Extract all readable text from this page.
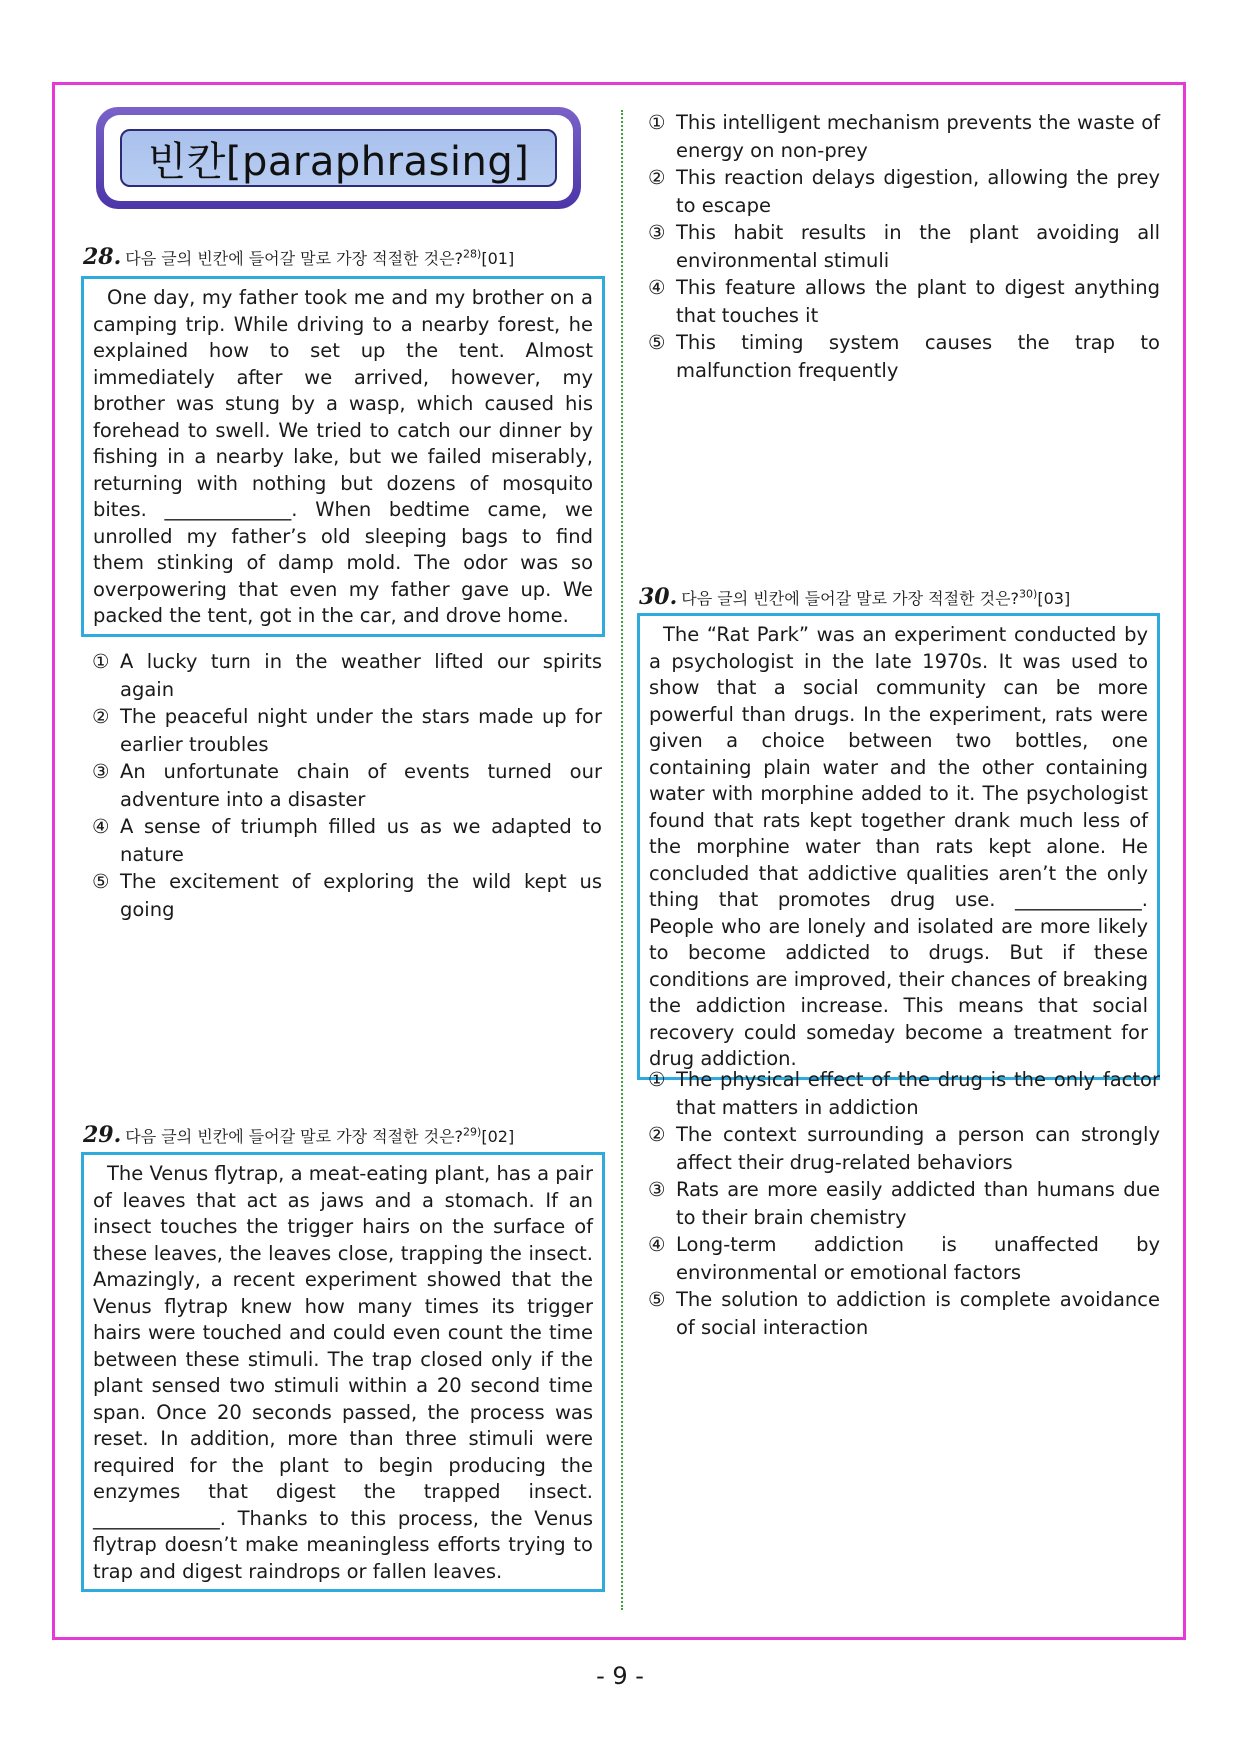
빈칸[paraphrasing]
28. 다음 글의 빈칸에 들어갈 말로 가장 적절한 것은?$^{28)}$[01]

One day, my father took me and my brother on a camping trip. While driving to a nearby forest, he explained how to set up the tent. Almost immediately after we arrived, however, my brother was stung by a wasp, which caused his forehead to swell. We tried to catch our dinner by fishing in a nearby lake, but we failed miserably, returning with nothing but dozens of mosquito bites. _____________. When bedtime came, we unrolled my father’s old sleeping bags to find them stinking of damp mold. The odor was so overpowering that even my father gave up. We packed the tent, got in the car, and drove home.

① A lucky turn in the weather lifted our spirits again
② The peaceful night under the stars made up for earlier troubles
③ An unfortunate chain of events turned our adventure into a disaster
④ A sense of triumph filled us as we adapted to nature
⑤ The excitement of exploring the wild kept us going
29. 다음 글의 빈칸에 들어갈 말로 가장 적절한 것은?$^{29)}$[02]

The Venus flytrap, a meat-eating plant, has a pair of leaves that act as jaws and a stomach. If an insect touches the trigger hairs on the surface of these leaves, the leaves close, trapping the insect. Amazingly, a recent experiment showed that the Venus flytrap knew how many times its trigger hairs were touched and could even count the time between these stimuli. The trap closed only if the plant sensed two stimuli within a 20 second time span. Once 20 seconds passed, the process was reset. In addition, more than three stimuli were required for the plant to begin producing the enzymes that digest the trapped insect. _____________. Thanks to this process, the Venus flytrap doesn’t make meaningless efforts trying to trap and digest raindrops or fallen leaves.

① This intelligent mechanism prevents the waste of energy on non-prey
② This reaction delays digestion, allowing the prey to escape
③ This habit results in the plant avoiding all environmental stimuli
④ This feature allows the plant to digest anything that touches it
⑤ This timing system causes the trap to malfunction frequently
30. 다음 글의 빈칸에 들어갈 말로 가장 적절한 것은?$^{30)}$[03]

The “Rat Park” was an experiment conducted by a psychologist in the late 1970s. It was used to show that a social community can be more powerful than drugs. In the experiment, rats were given a choice between two bottles, one containing plain water and the other containing water with morphine added to it. The psychologist found that rats kept together drank much less of the morphine water than rats kept alone. He concluded that addictive qualities aren’t the only thing that promotes drug use. _____________. People who are lonely and isolated are more likely to become addicted to drugs. But if these conditions are improved, their chances of breaking the addiction increase. This means that social recovery could someday become a treatment for drug addiction.

① The physical effect of the drug is the only factor that matters in addiction
② The context surrounding a person can strongly affect their drug-related behaviors
③ Rats are more easily addicted than humans due to their brain chemistry
④ Long-term addiction is unaffected by environmental or emotional factors
⑤ The solution to addiction is complete avoidance of social interaction
- 9 -
